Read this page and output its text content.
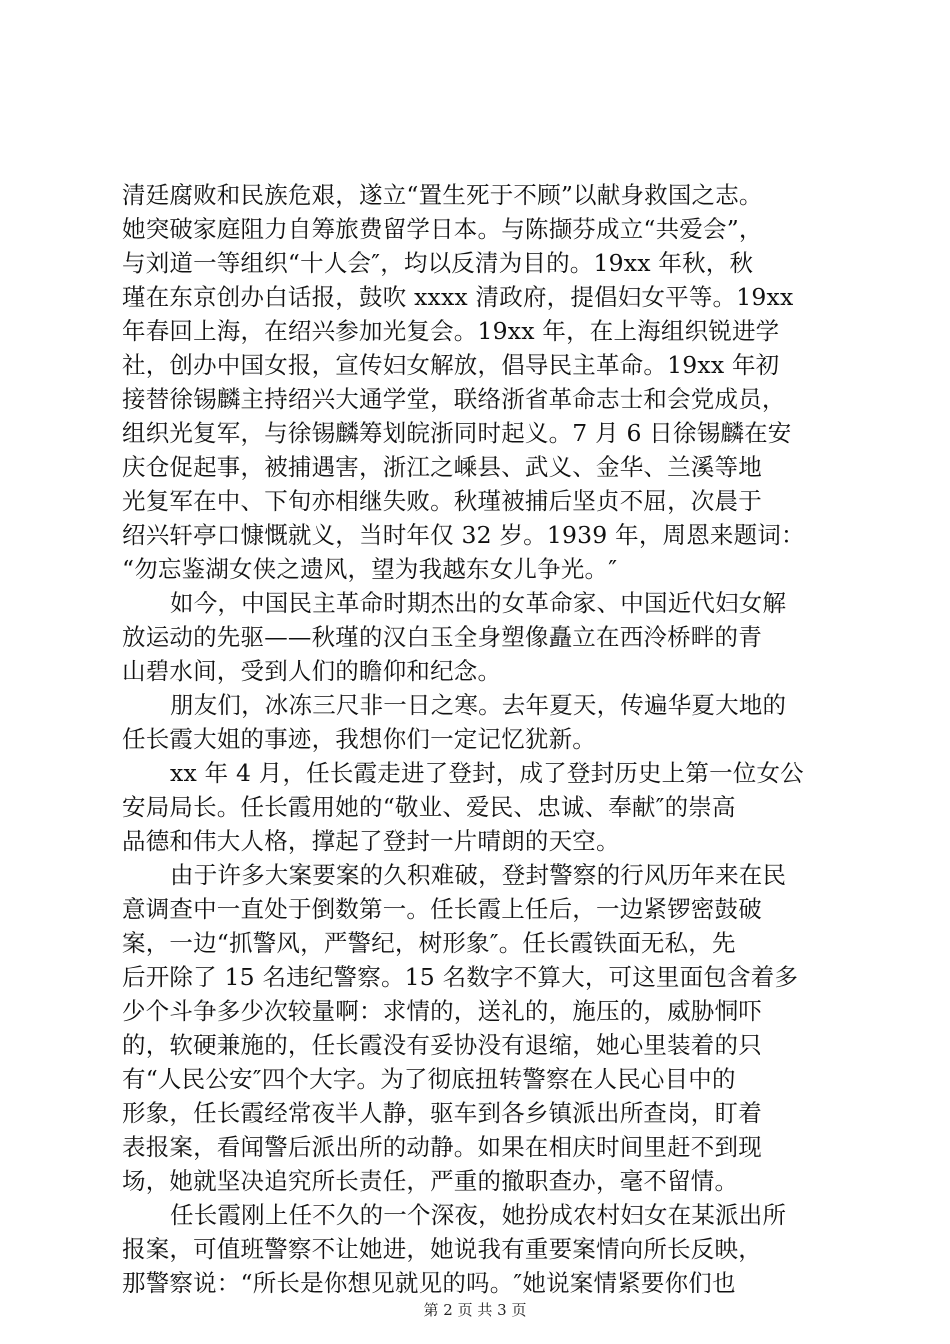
清廷腐败和民族危艰，遂立“置生死于不顾”以献身救国之志。
她突破家庭阻力自筹旅费留学日本。与陈撷芬成立“共爱会”，
与刘道一等组织“十人会″，均以反清为目的。19xx 年秋，秋
瑾在东京创办白话报，鼓吹 xxxx 清政府，提倡妇女平等。19xx
年春回上海，在绍兴参加光复会。19xx 年，在上海组织锐进学
社，创办中国女报，宣传妇女解放，倡导民主革命。19xx 年初
接替徐锡麟主持绍兴大通学堂，联络浙省革命志士和会党成员，
组织光复军，与徐锡麟筹划皖浙同时起义。7 月 6 日徐锡麟在安
庆仓促起事，被捕遇害，浙江之嵊县、武义、金华、兰溪等地
光复军在中、下旬亦相继失败。秋瑾被捕后坚贞不屈，次晨于
绍兴轩亭口慷慨就义，当时年仅 32 岁。1939 年，周恩来题词：
“勿忘鉴湖女侠之遗风，望为我越东女儿争光。″
如今，中国民主革命时期杰出的女革命家、中国近代妇女解
放运动的先驱——秋瑾的汉白玉全身塑像矗立在西泠桥畔的青
山碧水间，受到人们的瞻仰和纪念。
朋友们，冰冻三尺非一日之寒。去年夏天，传遍华夏大地的
任长霞大姐的事迹，我想你们一定记忆犹新。
xx 年 4 月，任长霞走进了登封，成了登封历史上第一位女公
安局局长。任长霞用她的“敬业、爱民、忠诚、奉献″的崇高
品德和伟大人格，撑起了登封一片晴朗的天空。
由于许多大案要案的久积难破，登封警察的行风历年来在民
意调查中一直处于倒数第一。任长霞上任后，一边紧锣密鼓破
案，一边“抓警风，严警纪，树形象″。任长霞铁面无私，先
后开除了 15 名违纪警察。15 名数字不算大，可这里面包含着多
少个斗争多少次较量啊：求情的，送礼的，施压的，威胁恫吓
的，软硬兼施的，任长霞没有妥协没有退缩，她心里装着的只
有“人民公安″四个大字。为了彻底扭转警察在人民心目中的
形象，任长霞经常夜半人静，驱车到各乡镇派出所查岗，盯着
表报案，看闻警后派出所的动静。如果在相庆时间里赶不到现
场，她就坚决追究所长责任，严重的撤职查办，毫不留情。
任长霞刚上任不久的一个深夜，她扮成农村妇女在某派出所
报案，可值班警察不让她进，她说我有重要案情向所长反映，
那警察说：“所长是你想见就见的吗。″她说案情紧要你们也
第 2 页 共 3 页
